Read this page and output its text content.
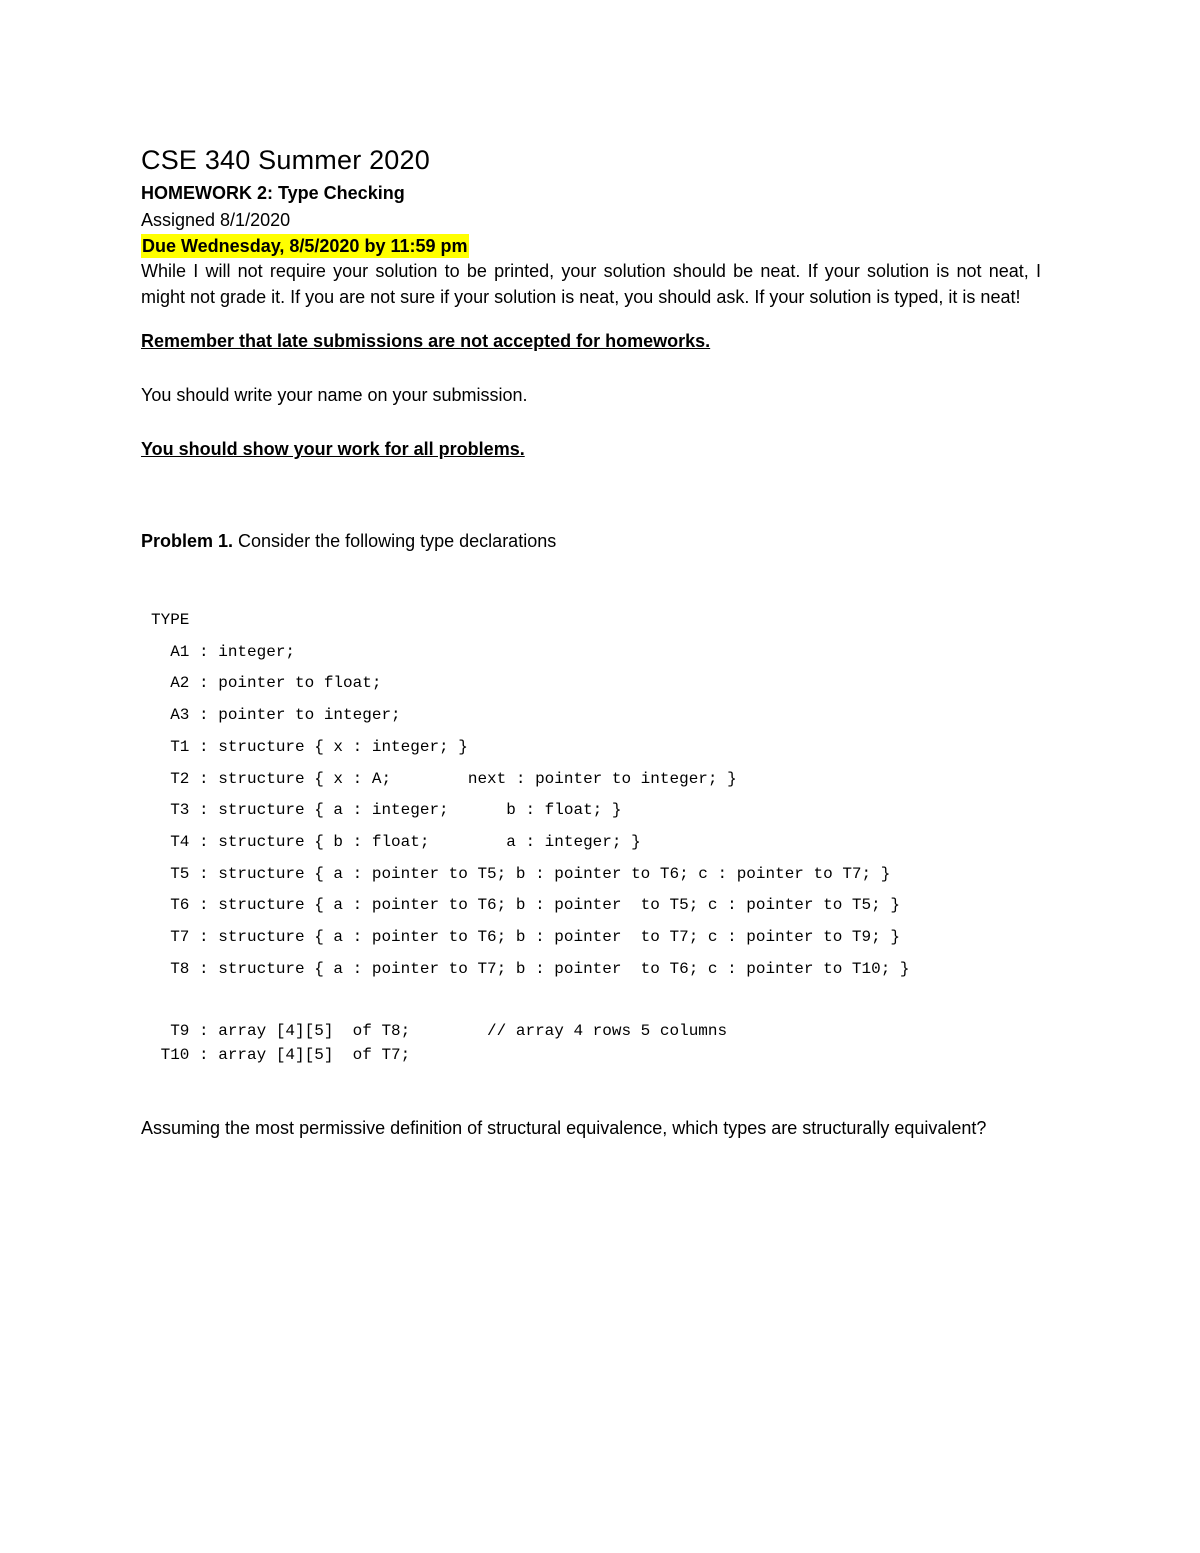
CSE 340 Summer 2020

HOMEWORK 2: Type Checking

Assigned 8/1/2020

Due Wednesday, 8/5/2020 by 11:59 pm

While I will not require your solution to be printed, your solution should be neat. If your solution is not neat, I might not grade it. If you are not sure if your solution is neat, you should ask. If your solution is typed, it is neat!

Remember that late submissions are not accepted for homeworks.

You should write your name on your submission.

You should show your work for all problems.

Problem 1. Consider the following type declarations

TYPE
A1 : integer;
A2 : pointer to float;
A3 : pointer to integer;
T1 : structure { x : integer; }
T2 : structure { x : A;        next : pointer to integer; }
T3 : structure { a : integer;      b : float; }
T4 : structure { b : float;        a : integer; }
T5 : structure { a : pointer to T5; b : pointer to T6; c : pointer to T7; }
T6 : structure { a : pointer to T6; b : pointer  to T5; c : pointer to T5; }
T7 : structure { a : pointer to T6; b : pointer  to T7; c : pointer to T9; }
T8 : structure { a : pointer to T7; b : pointer  to T6; c : pointer to T10; }
T9 : array [4][5]  of T8;        // array 4 rows 5 columns
T10 : array [4][5]  of T7;
Assuming the most permissive definition of structural equivalence, which types are structurally equivalent?
